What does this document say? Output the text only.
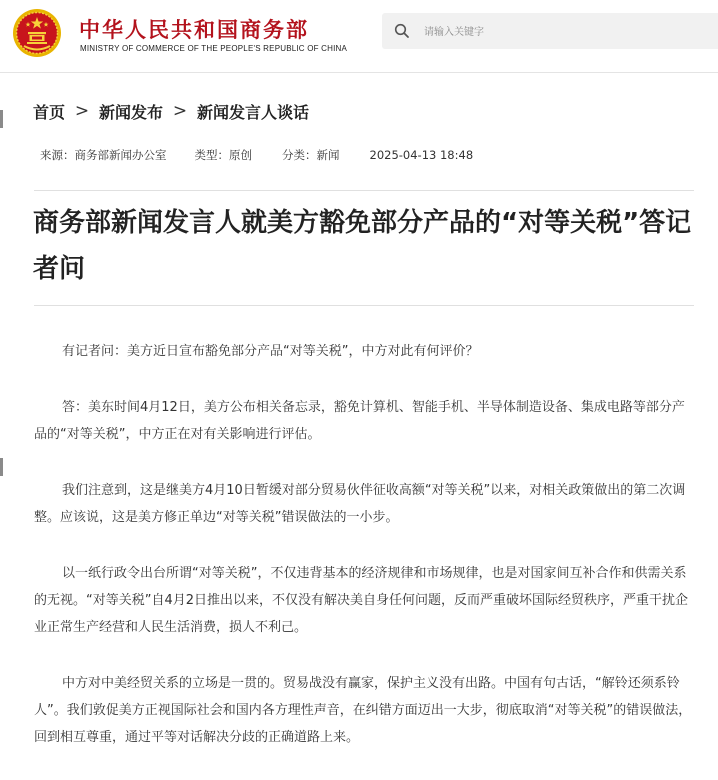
中华人民共和国商务部
MINISTRY OF COMMERCE OF THE PEOPLE'S REPUBLIC OF CHINA
请输入关键字
首页 > 新闻发布 > 新闻发言人谈话
来源：商务部新闻办公室 类型：原创	分类：新闻	2025-04-13 18:48
商务部新闻发言人就美方豁免部分产品的“对等关税”答记者问

有记者问：美方近日宣布豁免部分产品“对等关税”，中方对此有何评价？

答：美东时间4月12日，美方公布相关备忘录，豁免计算机、智能手机、半导体制造设备、集成电路等部分产品的“对等关税”，中方正在对有关影响进行评估。

我们注意到，这是继美方4月10日暂缓对部分贸易伙伴征收高额“对等关税”以来，对相关政策做出的第二次调整。应该说，这是美方修正单边“对等关税”错误做法的一小步。

以一纸行政令出台所谓“对等关税”，不仅违背基本的经济规律和市场规律，也是对国家间互补合作和供需关系的无视。“对等关税”自4月2日推出以来，不仅没有解决美自身任何问题，反而严重破坏国际经贸秩序，严重干扰企业正常生产经营和人民生活消费，损人不利己。

中方对中美经贸关系的立场是一贯的。贸易战没有赢家，保护主义没有出路。中国有句古话，“解铃还须系铃人”。我们敦促美方正视国际社会和国内各方理性声音，在纠错方面迈出一大步，彻底取消“对等关税”的错误做法，回到相互尊重，通过平等对话解决分歧的正确道路上来。
